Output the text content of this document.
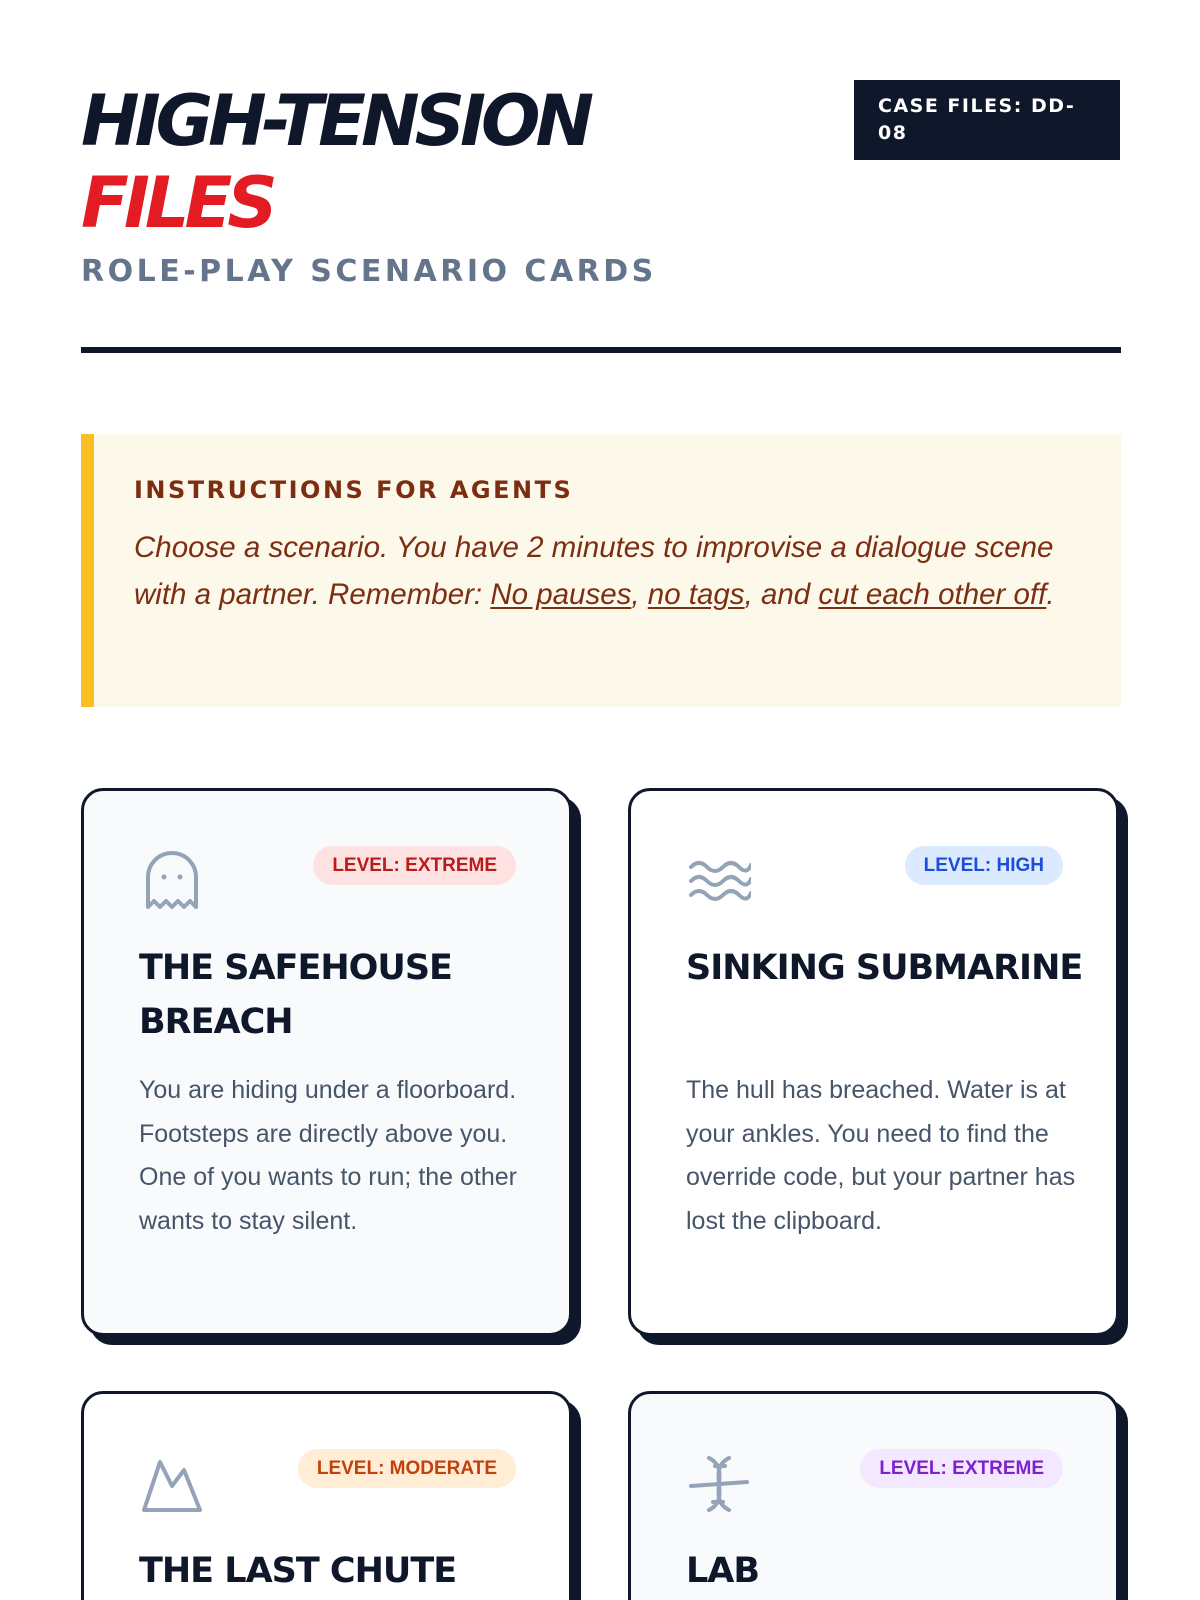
HIGH-TENSION
FILES
ROLE-PLAY SCENARIO CARDS
CASE FILES: DD-08
INSTRUCTIONS FOR AGENTS

Choose a scenario. You have 2 minutes to improvise a dialogue scene with a partner. Remember: No pauses, no tags, and cut each other off.

LEVEL: EXTREME
THE SAFEHOUSE BREACH
You are hiding under a floorboard. Footsteps are directly above you. One of you wants to run; the other wants to stay silent.
LEVEL: HIGH
SINKING SUBMARINE
The hull has breached. Water is at your ankles. You need to find the override code, but your partner has lost the clipboard.
LEVEL: MODERATE
THE LAST CHUTE
LEVEL: EXTREME
LAB
